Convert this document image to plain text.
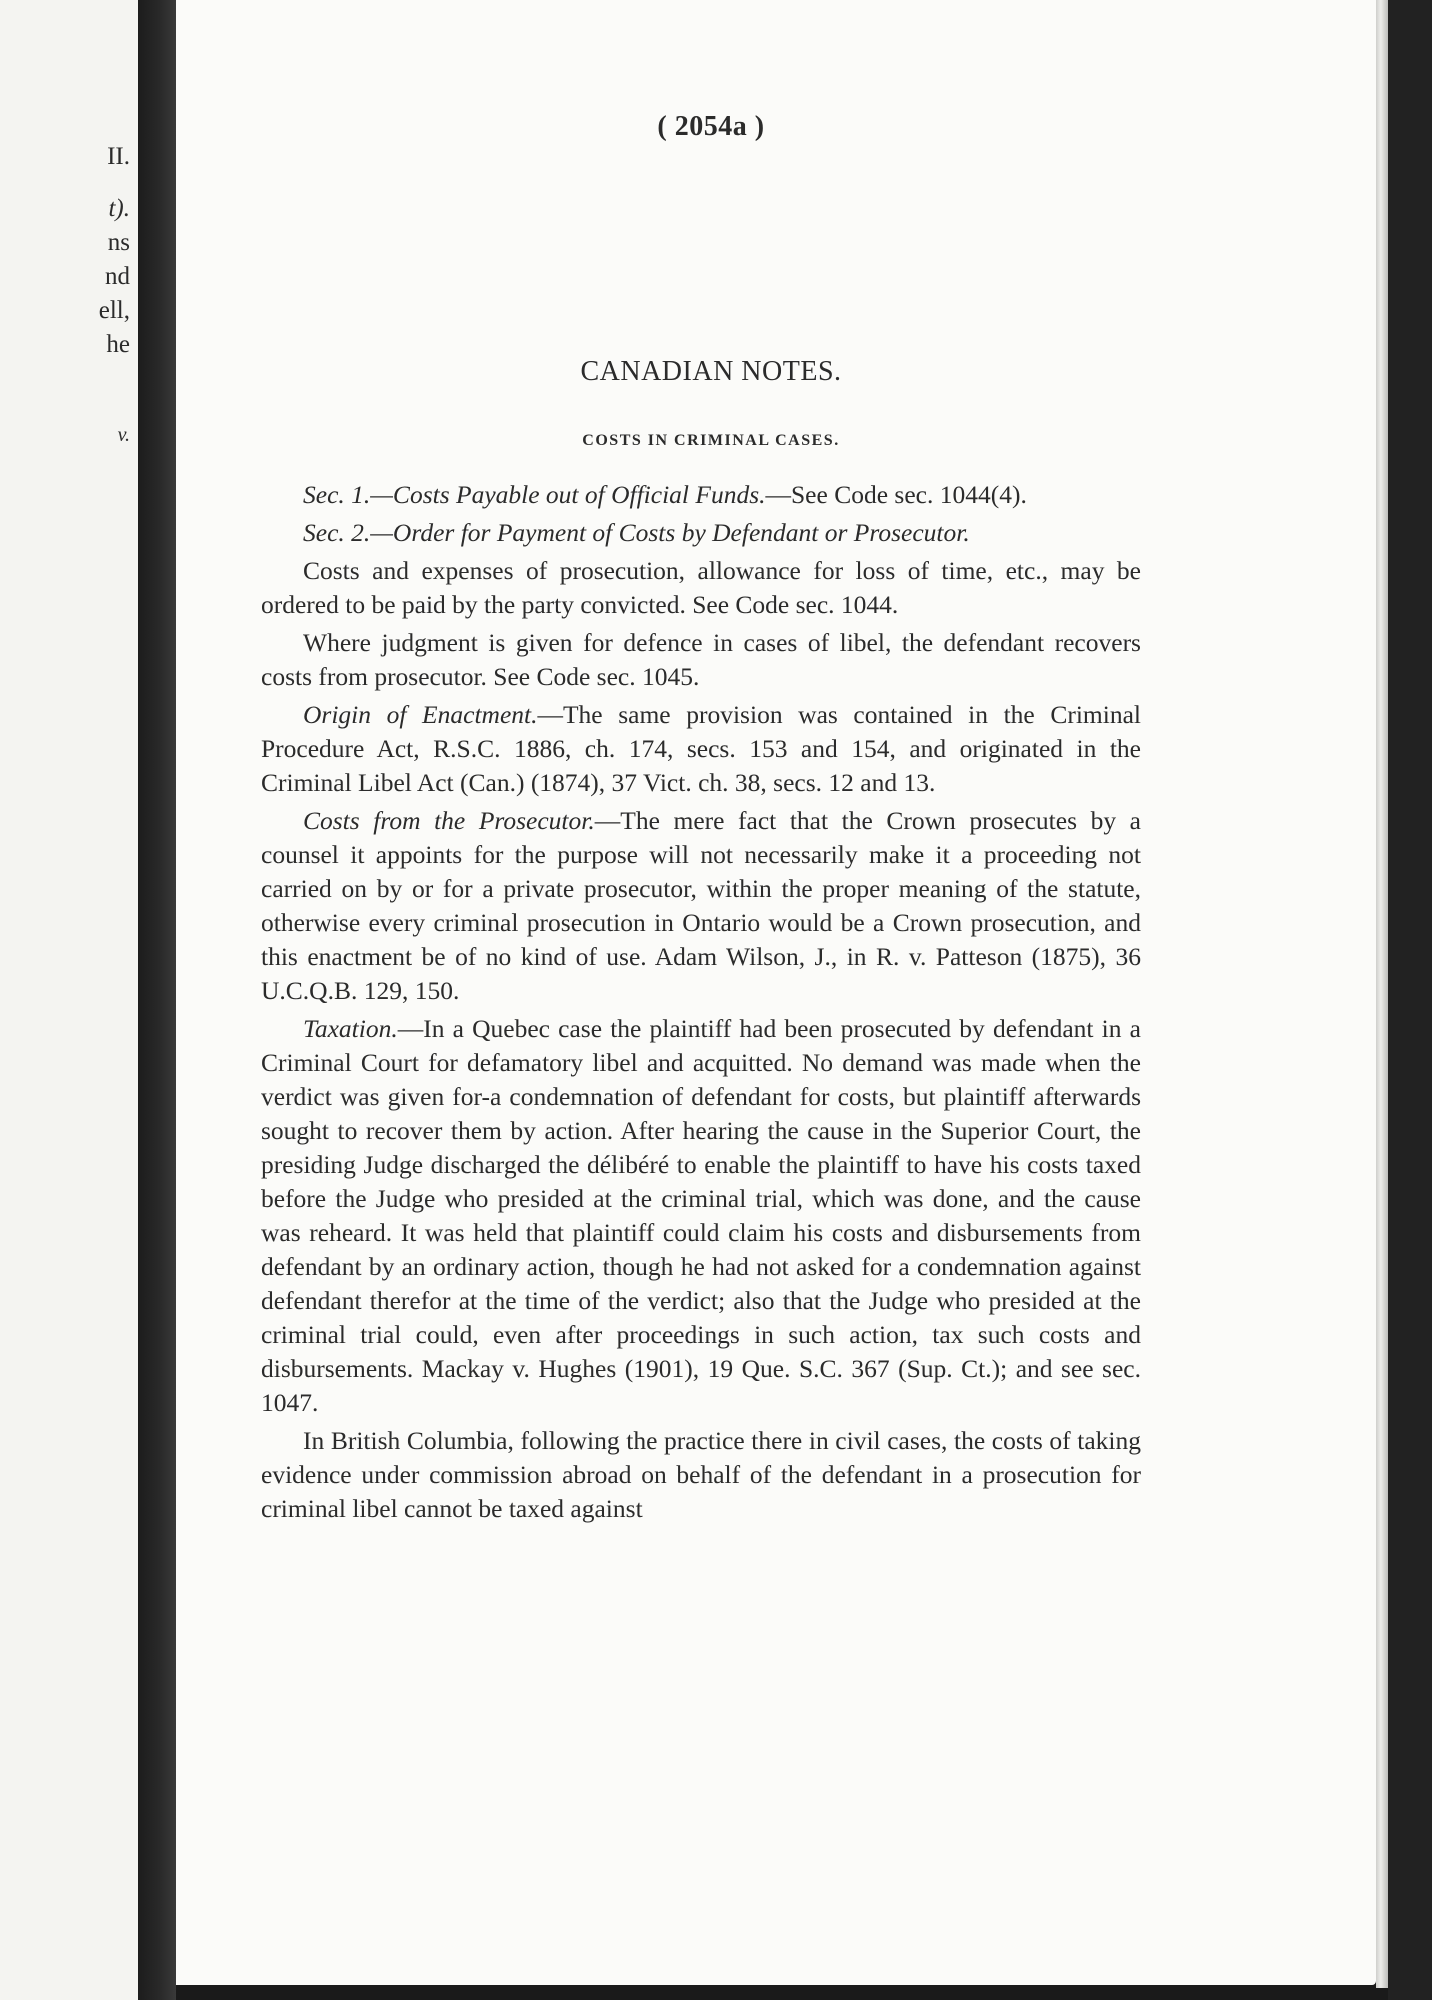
II.
t).
ns
nd
ell,
he
v.
( 2054a )
CANADIAN NOTES.
COSTS IN CRIMINAL CASES.

Sec. 1.—Costs Payable out of Official Funds.—See Code sec. 1044(4).

Sec. 2.—Order for Payment of Costs by Defendant or Prosecutor.

Costs and expenses of prosecution, allowance for loss of time, etc., may be ordered to be paid by the party convicted. See Code sec. 1044.

Where judgment is given for defence in cases of libel, the defendant recovers costs from prosecutor. See Code sec. 1045.

Origin of Enactment.—The same provision was contained in the Criminal Procedure Act, R.S.C. 1886, ch. 174, secs. 153 and 154, and originated in the Criminal Libel Act (Can.) (1874), 37 Vict. ch. 38, secs. 12 and 13.

Costs from the Prosecutor.—The mere fact that the Crown prosecutes by a counsel it appoints for the purpose will not necessarily make it a proceeding not carried on by or for a private prosecutor, within the proper meaning of the statute, otherwise every criminal prosecution in Ontario would be a Crown prosecution, and this enactment be of no kind of use. Adam Wilson, J., in R. v. Patteson (1875), 36 U.C.Q.B. 129, 150.

Taxation.—In a Quebec case the plaintiff had been prosecuted by defendant in a Criminal Court for defamatory libel and acquitted. No demand was made when the verdict was given for-a condemnation of defendant for costs, but plaintiff afterwards sought to recover them by action. After hearing the cause in the Superior Court, the presiding Judge discharged the délibéré to enable the plaintiff to have his costs taxed before the Judge who presided at the criminal trial, which was done, and the cause was reheard. It was held that plaintiff could claim his costs and disbursements from defendant by an ordinary action, though he had not asked for a condemnation against defendant therefor at the time of the verdict; also that the Judge who presided at the criminal trial could, even after proceedings in such action, tax such costs and disbursements. Mackay v. Hughes (1901), 19 Que. S.C. 367 (Sup. Ct.); and see sec. 1047.

In British Columbia, following the practice there in civil cases, the costs of taking evidence under commission abroad on behalf of the defendant in a prosecution for criminal libel cannot be taxed against
